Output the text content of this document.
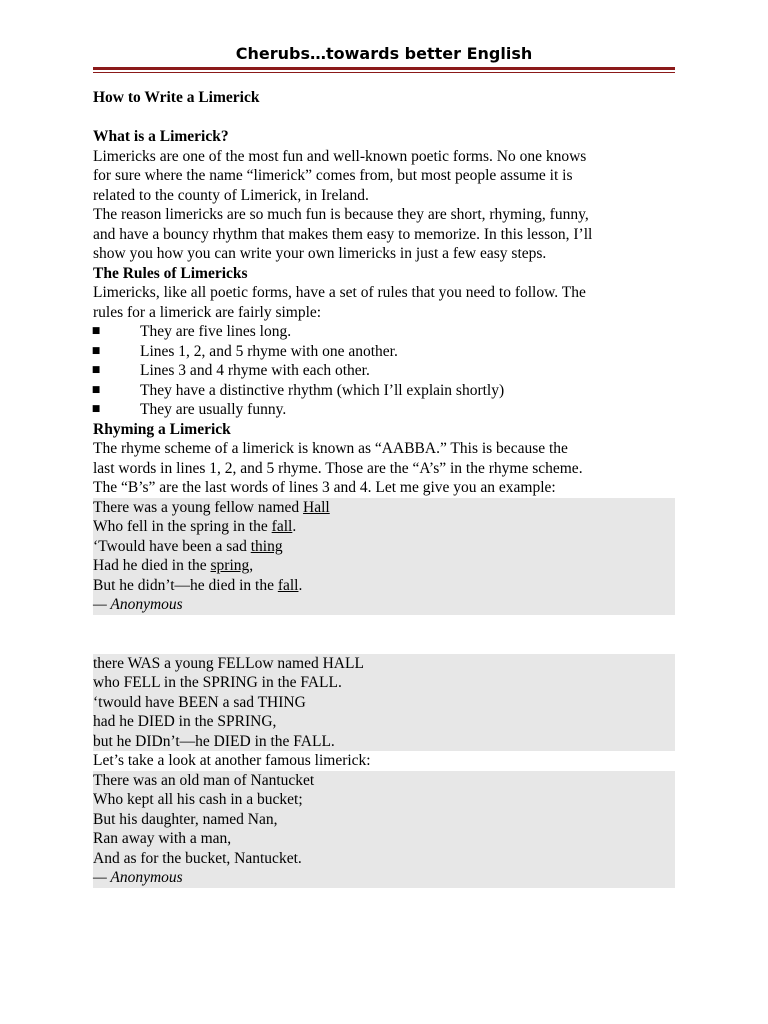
Cherubs…towards better English

How to Write a Limerick

What is a Limerick?

Limericks are one of the most fun and well-known poetic forms. No one knows
for sure where the name “limerick” comes from, but most people assume it is
related to the county of Limerick, in Ireland.
The reason limericks are so much fun is because they are short, rhyming, funny,
and have a bouncy rhythm that makes them easy to memorize. In this lesson, I’ll
show you how you can write your own limericks in just a few easy steps.

The Rules of Limericks

Limericks, like all poetic forms, have a set of rules that you need to follow. The
rules for a limerick are fairly simple:
■	They are five lines long.
■	Lines 1, 2, and 5 rhyme with one another.
■	Lines 3 and 4 rhyme with each other.
■	They have a distinctive rhythm (which I’ll explain shortly)
■	They are usually funny.

Rhyming a Limerick

The rhyme scheme of a limerick is known as “AABBA.” This is because the
last words in lines 1, 2, and 5 rhyme. Those are the “A’s” in the rhyme scheme.
The “B’s” are the last words of lines 3 and 4. Let me give you an example:
There was a young fellow named Hall
Who fell in the spring in the fall.
‘Twould have been a sad thing
Had he died in the spring,
But he didn’t—he died in the fall.
— Anonymous
there WAS a young FELLow named HALL
who FELL in the SPRING in the FALL.
‘twould have BEEN a sad THING
had he DIED in the SPRING,
but he DIDn’t—he DIED in the FALL.

Let’s take a look at another famous limerick:

There was an old man of Nantucket
Who kept all his cash in a bucket;
But his daughter, named Nan,
Ran away with a man,
And as for the bucket, Nantucket.
— Anonymous
